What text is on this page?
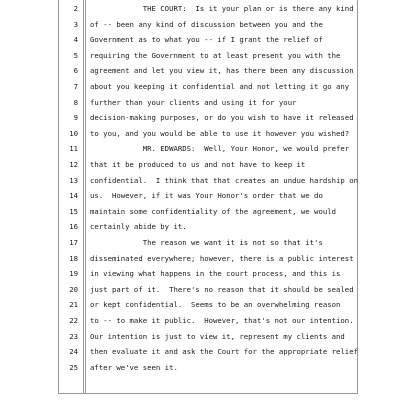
2 THE COURT:  Is it your plan or is there any kind
3 of -- been any kind of discussion between you and the
4 Government as to what you -- if I grant the relief of
5 requiring the Government to at least present you with the
6 agreement and let you view it, has there been any discussion
7 about you keeping it confidential and not letting it go any
8 further than your clients and using it for your
9 decision-making purposes, or do you wish to have it released
10 to you, and you would be able to use it however you wished?
11 MR. EDWARDS:  Well, Your Honor, we would prefer
12 that it be produced to us and not have to keep it
13 confidential.  I think that that creates an undue hardship on
14 us.  However, if it was Your Honor's order that we do
15 maintain some confidentiality of the agreement, we would
16 certainly abide by it.
17 The reason we want it is not so that it's
18 disseminated everywhere; however, there is a public interest
19 in viewing what happens in the court process, and this is
20 just part of it.  There's no reason that it should be sealed
21 or kept confidential.  Seems to be an overwhelming reason
22 to -- to make it public.  However, that's not our intention.
23 Our intention is just to view it, represent my clients and
24 then evaluate it and ask the Court for the appropriate relief
25 after we've seen it.
